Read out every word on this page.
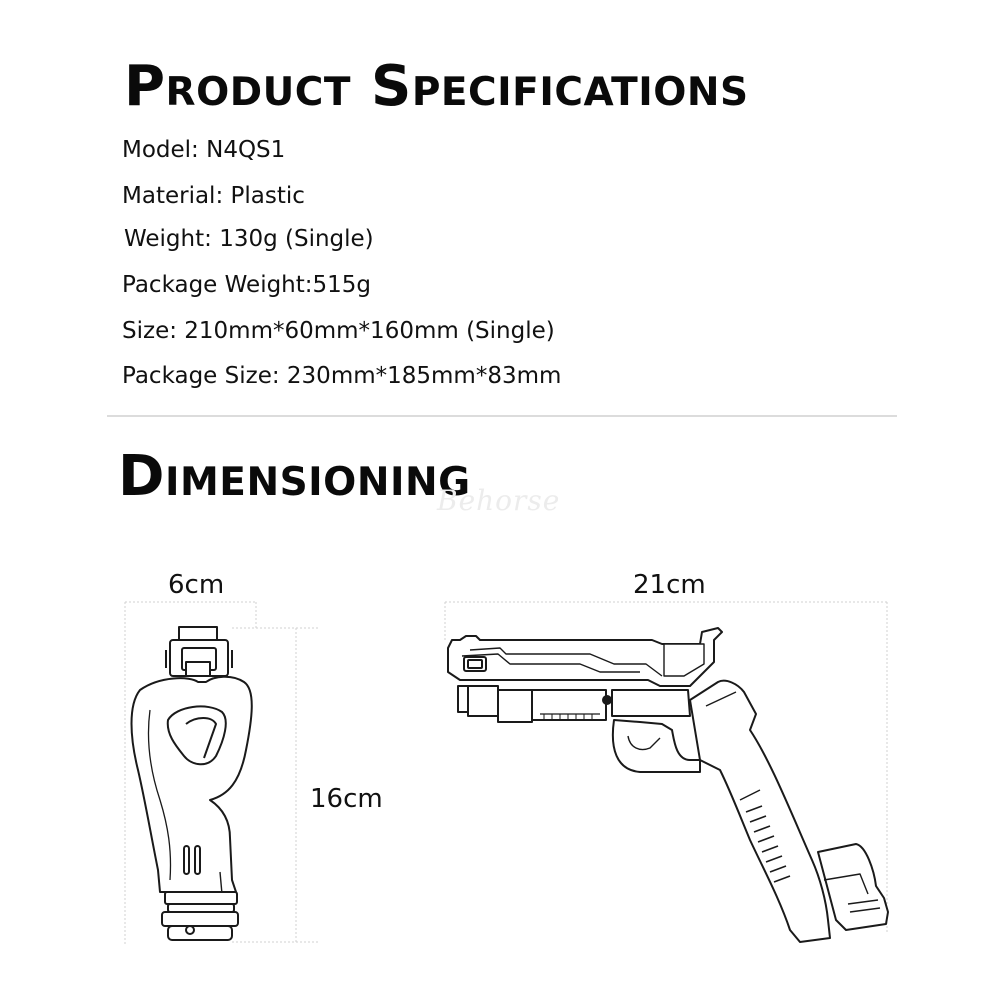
Product Specifications

Model: N4QS1

Material: Plastic

Weight: 130g (Single)

Package Weight:515g

Size: 210mm*60mm*160mm (Single)

Package Size: 230mm*185mm*83mm

Dimensioning
Behorse
6cm
16cm
21cm
